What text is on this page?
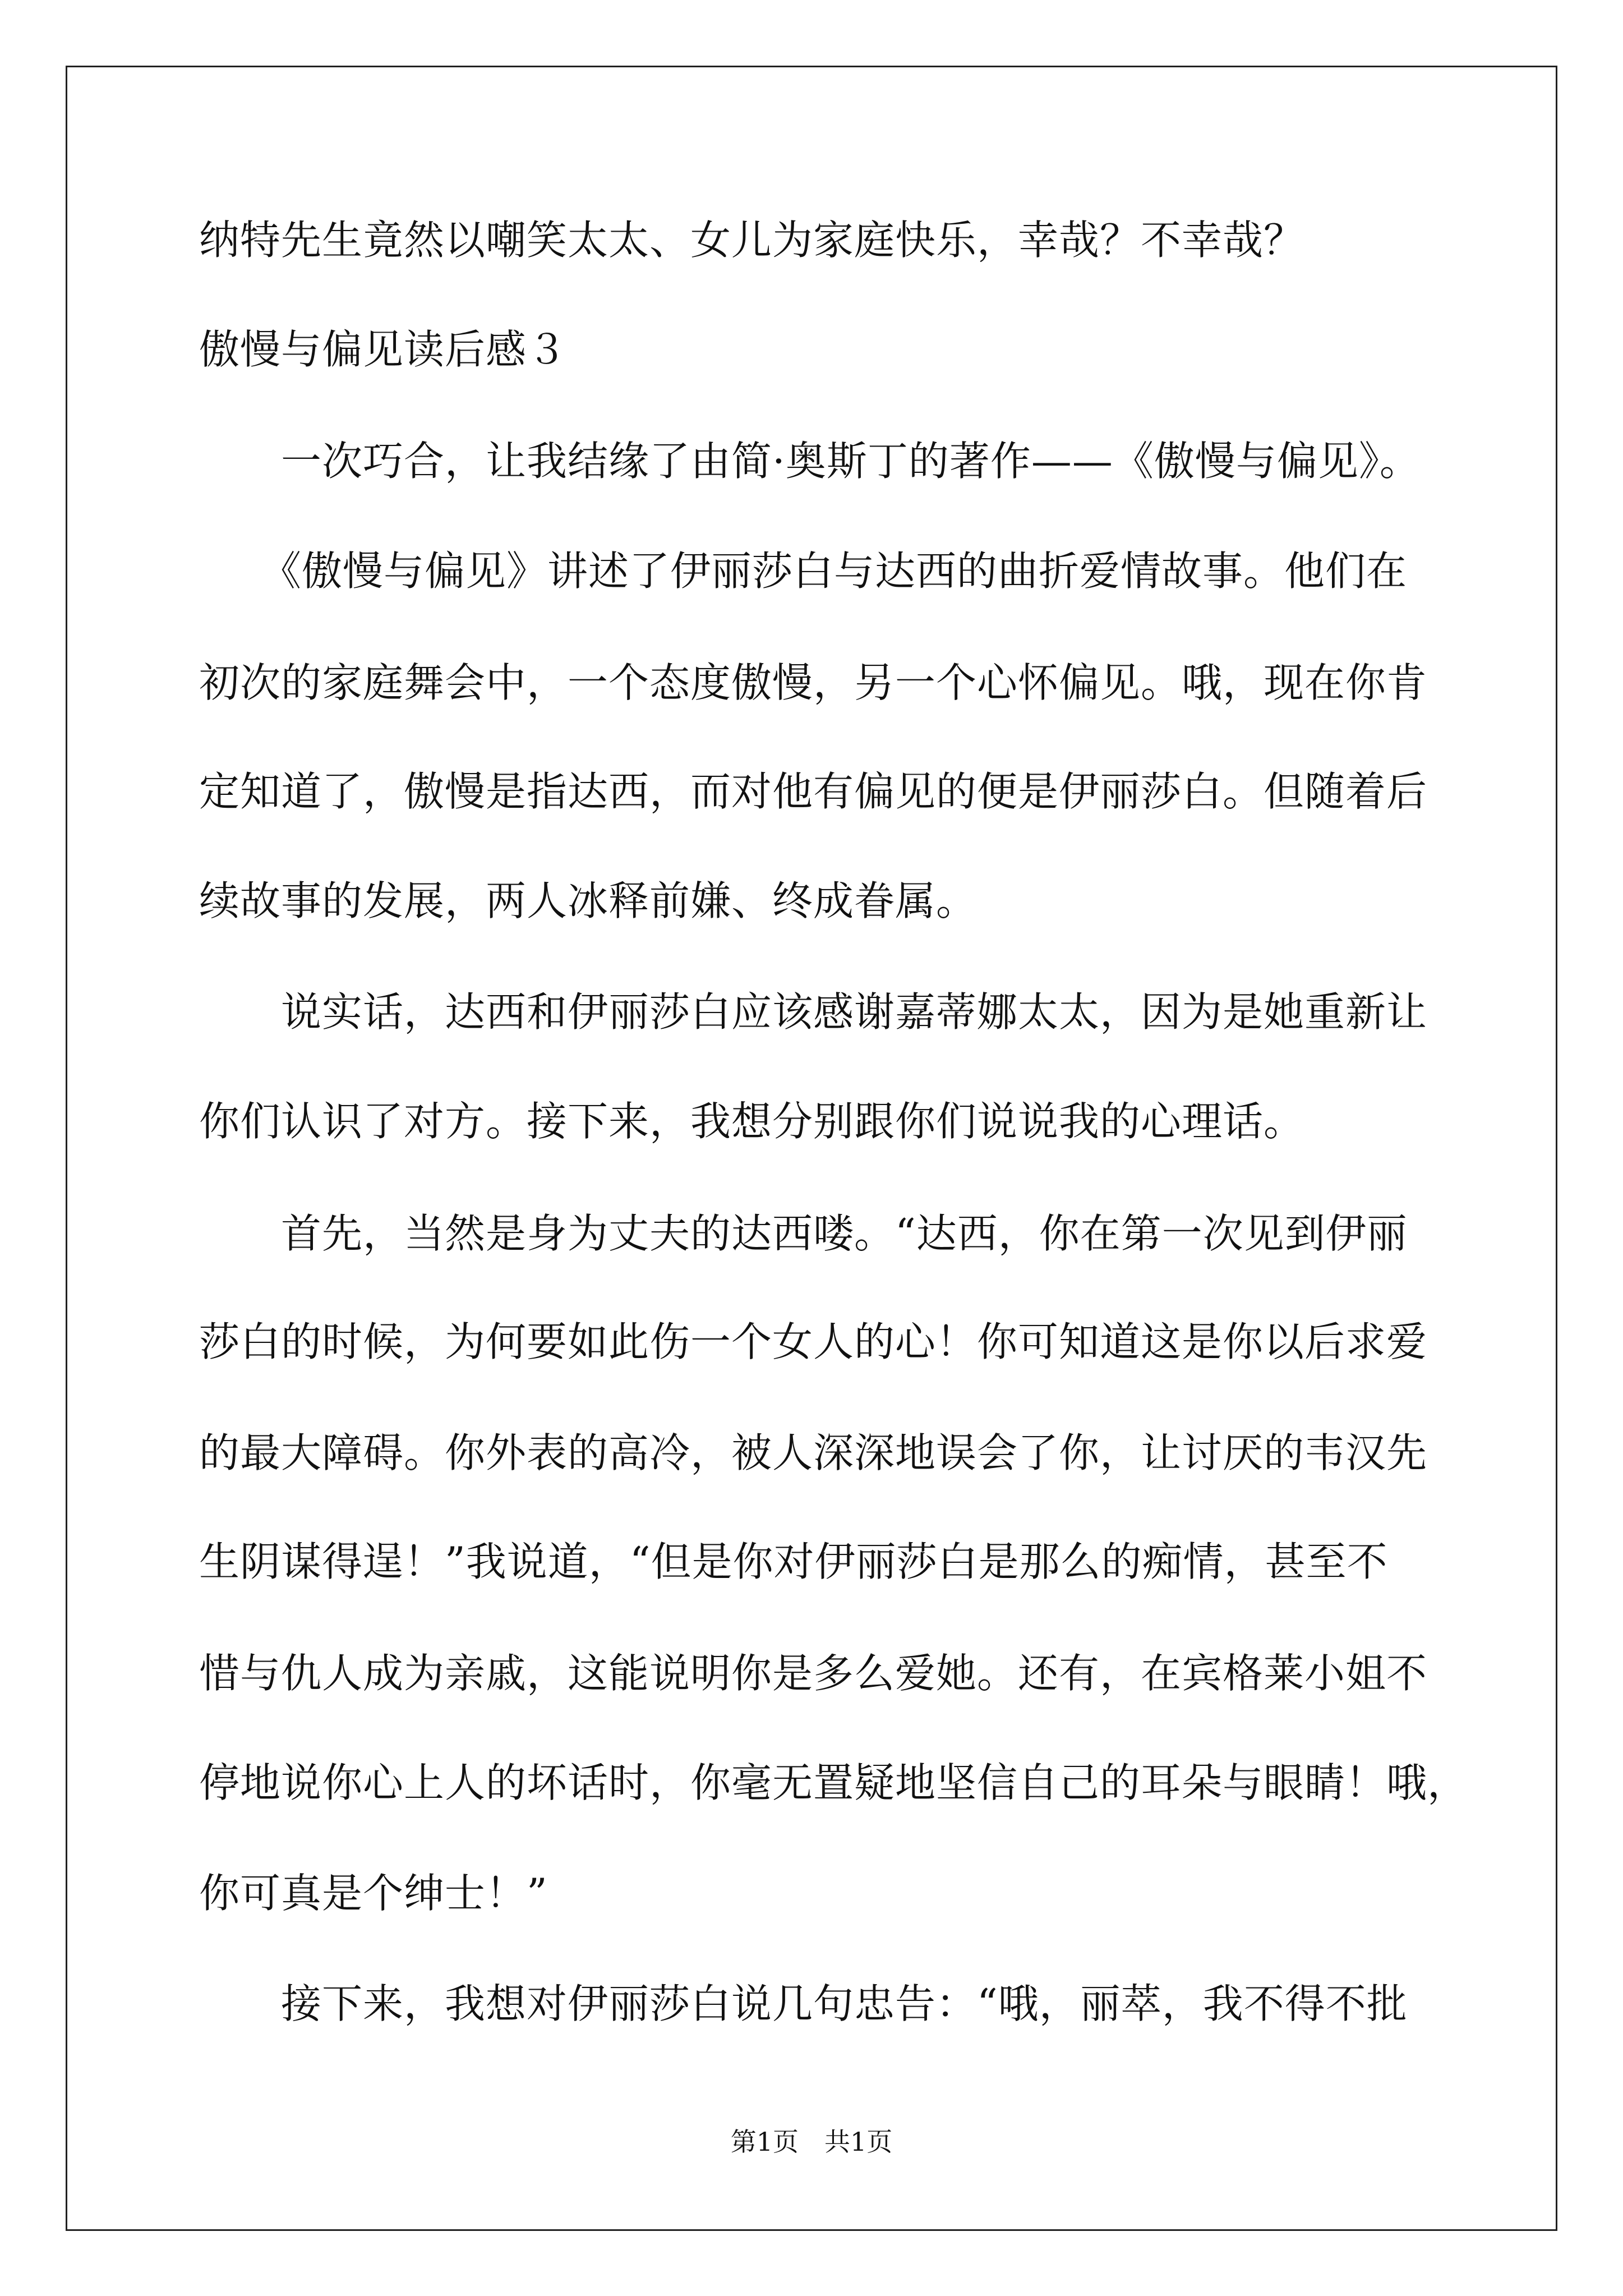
纳特先生竟然以嘲笑太太、女儿为家庭快乐，幸哉？不幸哉？
傲慢与偏见读后感３
　　一次巧合，让我结缘了由简·奥斯丁的著作——《傲慢与偏见》。
　　《傲慢与偏见》讲述了伊丽莎白与达西的曲折爱情故事。他们在
初次的家庭舞会中，一个态度傲慢，另一个心怀偏见。哦，现在你肯
定知道了，傲慢是指达西，而对他有偏见的便是伊丽莎白。但随着后
续故事的发展，两人冰释前嫌、终成眷属。
　　说实话，达西和伊丽莎白应该感谢嘉蒂娜太太，因为是她重新让
你们认识了对方。接下来，我想分别跟你们说说我的心理话。
　　首先，当然是身为丈夫的达西喽。“达西，你在第一次见到伊丽
莎白的时候，为何要如此伤一个女人的心！你可知道这是你以后求爱
的最大障碍。你外表的高冷，被人深深地误会了你，让讨厌的韦汉先
生阴谋得逞！”我说道，“但是你对伊丽莎白是那么的痴情，甚至不
惜与仇人成为亲戚，这能说明你是多么爱她。还有，在宾格莱小姐不
停地说你心上人的坏话时，你毫无置疑地坚信自己的耳朵与眼睛！哦，
你可真是个绅士！”
　　接下来，我想对伊丽莎白说几句忠告：“哦，丽萃，我不得不批
第1页　共1页
